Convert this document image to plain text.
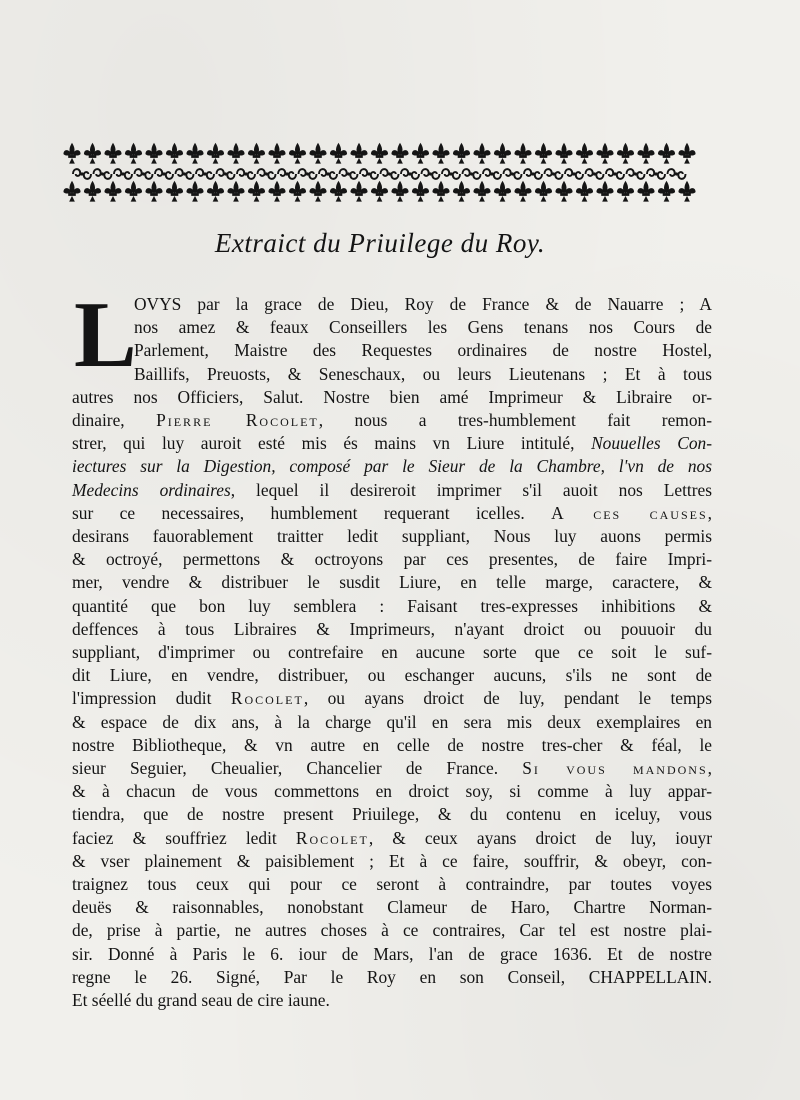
Extraict du Priuilege du Roy.
L
OVYS par la grace de Dieu, Roy de France & de Nauarre ; A
nos amez & feaux Conseillers les Gens tenans nos Cours de
Parlement, Maistre des Requestes ordinaires de nostre Hostel,
Baillifs, Preuosts, & Seneschaux, ou leurs Lieutenans ; Et à tous
autres nos Officiers, Salut. Nostre bien amé Imprimeur & Libraire or-
dinaire, Pierre Rocolet, nous a tres-humblement fait remon-
strer, qui luy auroit esté mis és mains vn Liure intitulé, Nouuelles Con-
iectures sur la Digestion, composé par le Sieur de la Chambre, l'vn de nos
Medecins ordinaires, lequel il desireroit imprimer s'il auoit nos Lettres
sur ce necessaires, humblement requerant icelles. A ces causes,
desirans fauorablement traitter ledit suppliant, Nous luy auons permis
& octroyé, permettons & octroyons par ces presentes, de faire Impri-
mer, vendre & distribuer le susdit Liure, en telle marge, caractere, &
quantité que bon luy semblera : Faisant tres-expresses inhibitions &
deffences à tous Libraires & Imprimeurs, n'ayant droict ou pouuoir du
suppliant, d'imprimer ou contrefaire en aucune sorte que ce soit le suf-
dit Liure, en vendre, distribuer, ou eschanger aucuns, s'ils ne sont de
l'impression dudit Rocolet, ou ayans droict de luy, pendant le temps
& espace de dix ans, à la charge qu'il en sera mis deux exemplaires en
nostre Bibliotheque, & vn autre en celle de nostre tres-cher & féal, le
sieur Seguier, Cheualier, Chancelier de France. Si vous mandons,
& à chacun de vous commettons en droict soy, si comme à luy appar-
tiendra, que de nostre present Priuilege, & du contenu en iceluy, vous
faciez & souffriez ledit Rocolet, & ceux ayans droict de luy, iouyr
& vser plainement & paisiblement ; Et à ce faire, souffrir, & obeyr, con-
traignez tous ceux qui pour ce seront à contraindre, par toutes voyes
deuës & raisonnables, nonobstant Clameur de Haro, Chartre Norman-
de, prise à partie, ne autres choses à ce contraires, Car tel est nostre plai-
sir. Donné à Paris le 6. iour de Mars, l'an de grace 1636. Et de nostre
regne le 26. Signé, Par le Roy en son Conseil, CHAPPELLAIN.
Et séellé du grand seau de cire iaune.
